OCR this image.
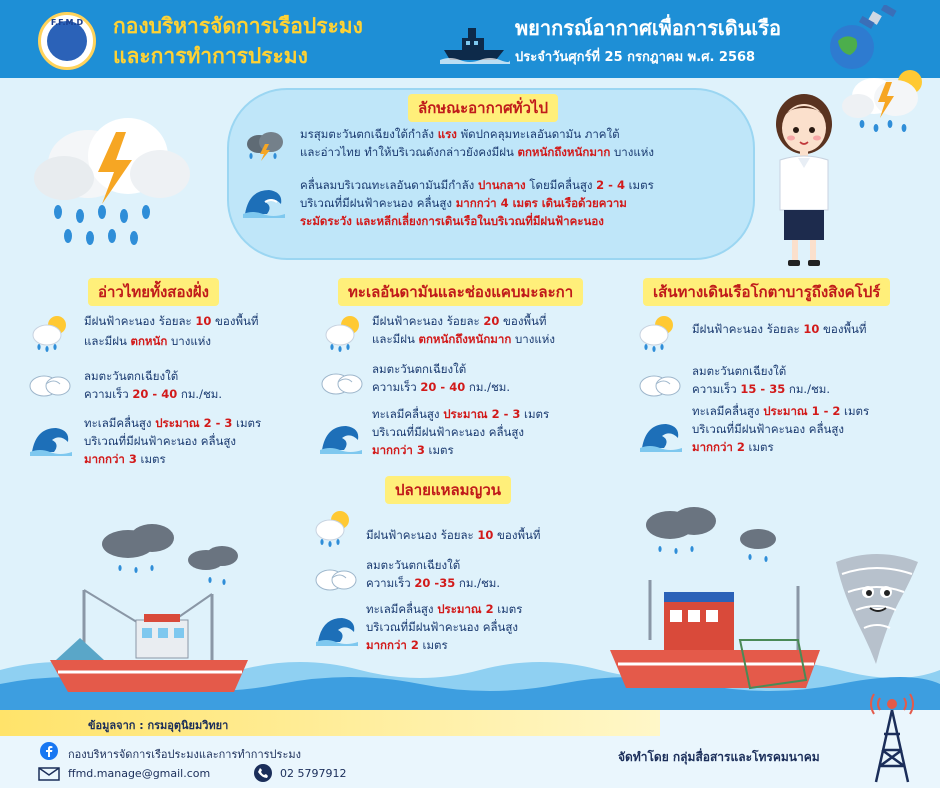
F.F.M.D	กองบริหารจัดการเรือประมง
และการทำการประมง
พยากรณ์อากาศเพื่อการเดินเรือ
ประจำวันศุกร์ที่ 25 กรกฎาคม พ.ศ. 2568
ลักษณะอากาศทั่วไป
มรสุมตะวันตกเฉียงใต้กำลัง แรง พัดปกคลุมทะเลอันดามัน ภาคใต้
และอ่าวไทย ทำให้บริเวณดังกล่าวยังคงมีฝน ตกหนักถึงหนักมาก บางแห่ง
คลื่นลมบริเวณทะเลอันดามันมีกำลัง ปานกลาง โดยมีคลื่นสูง 2 - 4 เมตร
บริเวณที่มีฝนฟ้าคะนอง คลื่นสูง มากกว่า 4 เมตร เดินเรือด้วยความ
ระมัดระวัง และหลีกเลี่ยงการเดินเรือในบริเวณที่มีฝนฟ้าคะนอง
อ่าวไทยทั้งสองฝั่ง
มีฝนฟ้าคะนอง ร้อยละ 10 ของพื้นที่
และมีฝน ตกหนัก บางแห่ง
ลมตะวันตกเฉียงใต้
ความเร็ว 20 - 40 กม./ชม.
ทะเลมีคลื่นสูง ประมาณ 2 - 3 เมตร
บริเวณที่มีฝนฟ้าคะนอง คลื่นสูง
มากกว่า 3 เมตร
ทะเลอันดามันและช่องแคบมะละกา
มีฝนฟ้าคะนอง ร้อยละ 20 ของพื้นที่
และมีฝน ตกหนักถึงหนักมาก บางแห่ง
ลมตะวันตกเฉียงใต้
ความเร็ว 20 - 40 กม./ชม.
ทะเลมีคลื่นสูง ประมาณ 2 - 3 เมตร
บริเวณที่มีฝนฟ้าคะนอง คลื่นสูง
มากกว่า 3 เมตร
เส้นทางเดินเรือโกตาบารูถึงสิงคโปร์
มีฝนฟ้าคะนอง ร้อยละ 10 ของพื้นที่
ลมตะวันตกเฉียงใต้
ความเร็ว 15 - 35 กม./ชม.
ทะเลมีคลื่นสูง ประมาณ 1 - 2 เมตร
บริเวณที่มีฝนฟ้าคะนอง คลื่นสูง
มากกว่า 2 เมตร
ปลายแหลมญวน
มีฝนฟ้าคะนอง ร้อยละ 10 ของพื้นที่
ลมตะวันตกเฉียงใต้
ความเร็ว 20 -35 กม./ชม.
ทะเลมีคลื่นสูง ประมาณ 2 เมตร
บริเวณที่มีฝนฟ้าคะนอง คลื่นสูง
มากกว่า 2 เมตร
ข้อมูลจาก : กรมอุตุนิยมวิทยา
กองบริหารจัดการเรือประมงและการทำการประมง
ffmd.manage@gmail.com	02 5797912
จัดทำโดย กลุ่มสื่อสารและโทรคมนาคม
